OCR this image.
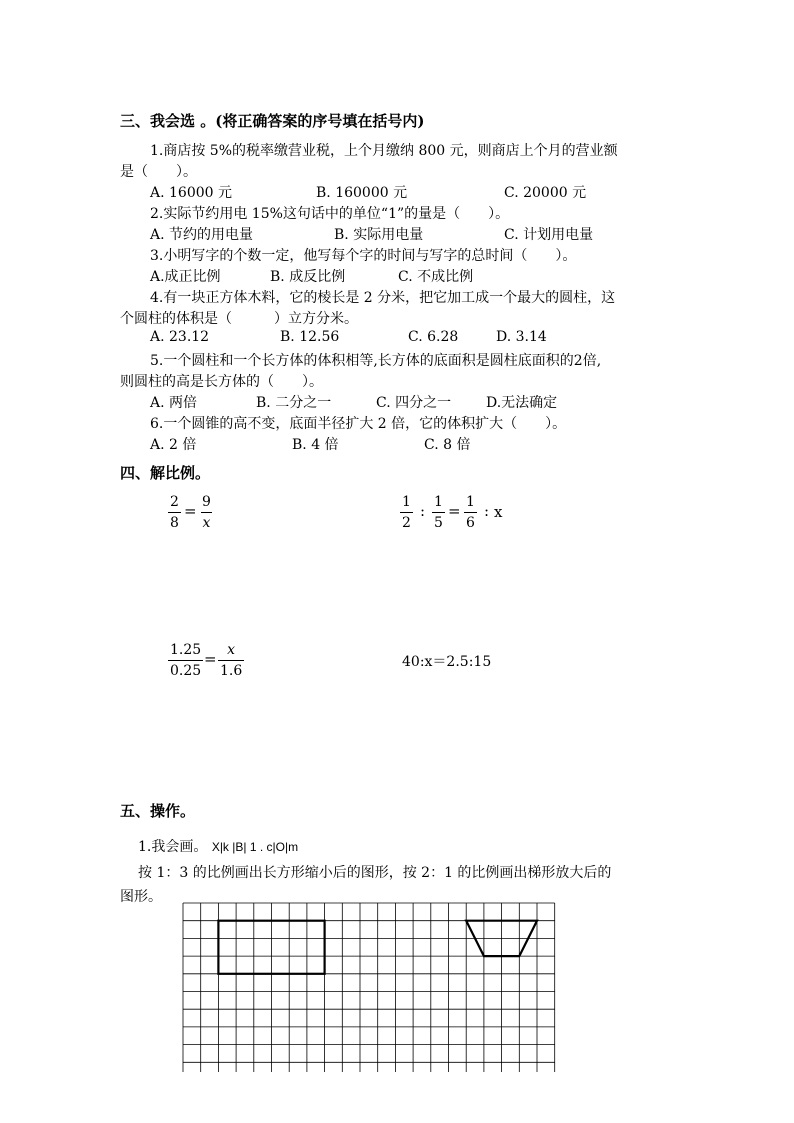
三、我会选 。(将正确答案的序号填在括号内)
1.商店按 5%的税率缴营业税，上个月缴纳 800 元，则商店上个月的营业额
是（　　）。
A. 16000 元	B. 160000 元	C. 20000 元
2.实际节约用电 15%这句话中的单位“1”的量是（　　）。
A. 节约的用电量	B. 实际用电量	C. 计划用电量
3.小明写字的个数一定，他写每个字的时间与写字的总时间（　　）。
A.成正比例	B. 成反比例	C. 不成比例
4.有一块正方体木料，它的棱长是 2 分米，把它加工成一个最大的圆柱，这
个圆柱的体积是（　　　）立方分米。
A. 23.12	B. 12.56	C. 6.28	D. 3.14
5.一个圆柱和一个长方体的体积相等,长方体的底面积是圆柱底面积的2倍,
则圆柱的高是长方体的（　　）。
A. 两倍	B. 二分之一	C. 四分之一 D.无法确定
6.一个圆锥的高不变，底面半径扩大 2 倍，它的体积扩大（　　）。
A. 2 倍	B. 4 倍	C. 8 倍
四、解比例。
$\frac{2}{8} = \frac{9}{x}$	$\frac{1}{2}$ : $\frac{1}{5} = \frac{1}{6}$ : x
$\frac{1.25}{0.25} = \frac{x}{1.6}$	40:x＝2.5:15
五、操作。
1.我会画。 X|k |B| 1 . c|O|m
按 1：3 的比例画出长方形缩小后的图形，按 2：1 的比例画出梯形放大后的
图形。
